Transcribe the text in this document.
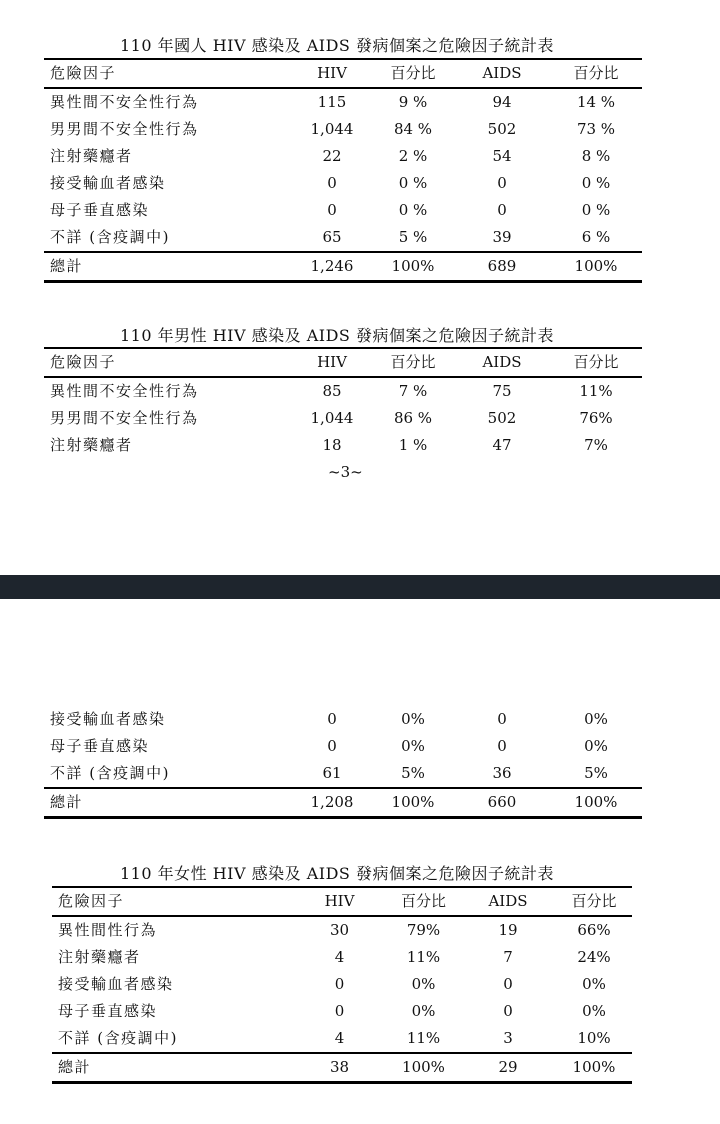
110 年國人 HIV 感染及 AIDS 發病個案之危險因子統計表
危險因子	HIV	百分比	AIDS	百分比
異性間不安全性行為	115	9 %	94	14 %
男男間不安全性行為	1,044	84 %	502	73 %
注射藥癮者	22	2 %	54	8 %
接受輸血者感染	0	0 %	0	0 %
母子垂直感染	0	0 %	0	0 %
不詳 (含疫調中)	65	5 %	39	6 %
總計	1,246	100%	689	100%
110 年男性 HIV 感染及 AIDS 發病個案之危險因子統計表
危險因子	HIV	百分比	AIDS	百分比
異性間不安全性行為	85	7 %	75	11%
男男間不安全性行為	1,044	86 %	502	76%
注射藥癮者	18	1 %	47	7%
~3~
接受輸血者感染	0	0%	0	0%
母子垂直感染	0	0%	0	0%
不詳 (含疫調中)	61	5%	36	5%
總計	1,208	100%	660	100%
110 年女性 HIV 感染及 AIDS 發病個案之危險因子統計表
危險因子	HIV	百分比	AIDS	百分比
異性間性行為	30	79%	19	66%
注射藥癮者	4	11%	7	24%
接受輸血者感染	0	0%	0	0%
母子垂直感染	0	0%	0	0%
不詳 (含疫調中)	4	11%	3	10%
總計	38	100%	29	100%
